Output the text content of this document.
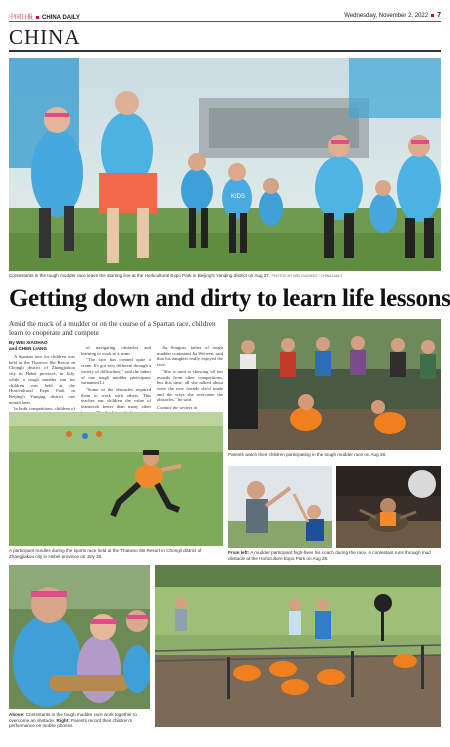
中国日报 CHINA DAILY	Wednesday, November 2, 2022 7
CHINA
KIDS
Contestants in the tough mudder race leave the starting line at the Horticultural Expo Park in Beijing's Yanqing district on Aug 27. PHOTOS BY WEI XIAOHAO / CHINA DAILY
Getting down and dirty to learn life lessons
Amid the muck of a mudder or on the course of a Spartan race, children learn to cooperate and compete
By WEI XIAOHAO
and CHEN LIANG

A Spartan race for children was held at the Thaiwoo Ski Resort in Chongli district of Zhangjiakou city in Hebei province, in July, while a tough mudder run for children was held at the Horticultural Expo Park in Beijing's Yanqing district one month later.

In both competitions, children of

of navigating obstacles and learning to work as a team.

"The race has created quite a scene. It's got very different through a variety of difficulties," said the father of one tough mudder participant, surnamed Li.

"Some of the obstacles required them to work with others. This teaches our children the value of teamwork better than many other

Jia Songtao, father of tough mudder contestant Jia Weiwen, said that his daughter really enjoyed the race.

"She is used to showing off her awards from other competitions, but this time, all she talked about were the new friends she'd made and the ways she overcame the obstacles," he said.

Contact the writers at

A participant hurdles during the sports race held at the Thaiwoo Ski Resort in Chongli district of Zhangjiakou city in Hebei province on July 30.
Parents watch their children participating in the tough mudder race on Aug 28.
From left: A mudder participant high-fives his coach during the race. A contestant runs through mud obstacle at the Horticulture Expo Park on Aug 28.
Above: Contestants in the tough mudder race work together to overcome an obstacle. Right: Parents record their children's performance on mobile phones.
